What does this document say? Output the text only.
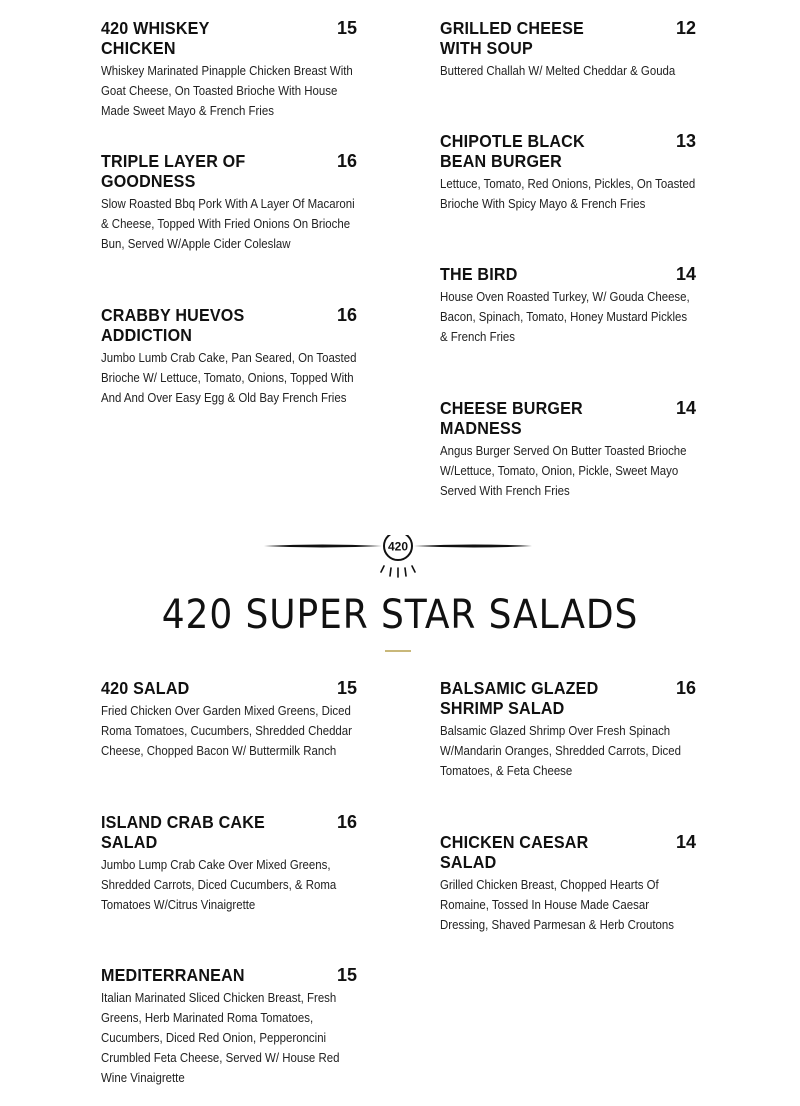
420 WHISKEY CHICKEN
15
Whiskey Marinated Pinapple Chicken Breast With Goat Cheese, On Toasted Brioche With House Made Sweet Mayo & French Fries
TRIPLE LAYER OF GOODNESS
16
Slow Roasted Bbq Pork With A Layer Of Macaroni & Cheese, Topped With Fried Onions On Brioche Bun, Served W/Apple Cider Coleslaw
CRABBY HUEVOS ADDICTION
16
Jumbo Lumb Crab Cake, Pan Seared, On Toasted Brioche W/ Lettuce, Tomato, Onions, Topped With And And Over Easy Egg & Old Bay French Fries
GRILLED CHEESE WITH SOUP
12
Buttered Challah W/ Melted Cheddar & Gouda
CHIPOTLE BLACK BEAN BURGER
13
Lettuce, Tomato, Red Onions, Pickles, On Toasted Brioche With Spicy Mayo & French Fries
THE BIRD	14
House Oven Roasted Turkey, W/ Gouda Cheese, Bacon, Spinach, Tomato, Honey Mustard Pickles & French Fries
CHEESE BURGER MADNESS
14
Angus Burger Served On Butter Toasted Brioche W/Lettuce, Tomato, Onion, Pickle, Sweet Mayo Served With French Fries
420
420 SUPER STAR SALADS
420 SALAD	15
Fried Chicken Over Garden Mixed Greens, Diced Roma Tomatoes, Cucumbers, Shredded Cheddar Cheese, Chopped Bacon W/ Buttermilk Ranch
ISLAND CRAB CAKE SALAD
16
Jumbo Lump Crab Cake Over Mixed Greens, Shredded Carrots, Diced Cucumbers, & Roma Tomatoes W/Citrus Vinaigrette
MEDITERRANEAN	15
Italian Marinated Sliced Chicken Breast, Fresh Greens, Herb Marinated Roma Tomatoes, Cucumbers, Diced Red Onion, Pepperoncini Crumbled Feta Cheese, Served W/ House Red Wine Vinaigrette
BALSAMIC GLAZED SHRIMP SALAD
16
Balsamic Glazed Shrimp Over Fresh Spinach W/Mandarin Oranges, Shredded Carrots, Diced Tomatoes, & Feta Cheese
CHICKEN CAESAR SALAD
14
Grilled Chicken Breast, Chopped Hearts Of Romaine, Tossed In House Made Caesar Dressing, Shaved Parmesan & Herb Croutons
